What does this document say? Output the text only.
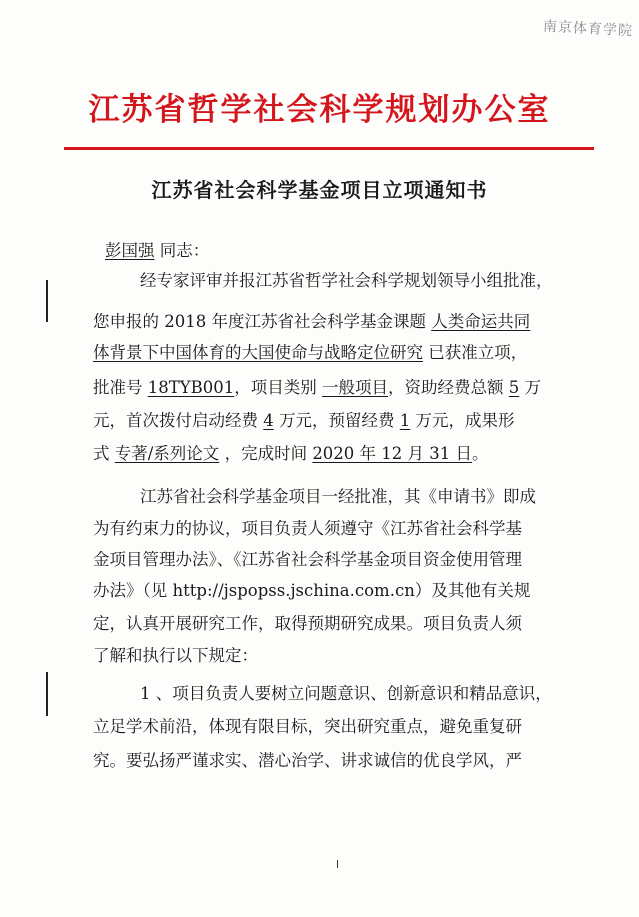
南京体育学院
江苏省哲学社会科学规划办公室
江苏省社会科学基金项目立项通知书
彭国强 同志：
经专家评审并报江苏省哲学社会科学规划领导小组批准，
您申报的 2018 年度江苏省社会科学基金课题 人类命运共同
体背景下中国体育的大国使命与战略定位研究 已获准立项，
批准号 18TYB001，项目类别 一般项目，资助经费总额 5 万
元，首次拨付启动经费 4 万元，预留经费 1 万元，成果形
式 专著/系列论文 ，完成时间 2020 年 12 月 31 日。
江苏省社会科学基金项目一经批准，其《申请书》即成
为有约束力的协议，项目负责人须遵守《江苏省社会科学基
金项目管理办法》、《江苏省社会科学基金项目资金使用管理
办法》（见 http://jspopss.jschina.com.cn）及其他有关规
定，认真开展研究工作，取得预期研究成果。项目负责人须
了解和执行以下规定：
1 、项目负责人要树立问题意识、创新意识和精品意识，
立足学术前沿，体现有限目标，突出研究重点，避免重复研
究。要弘扬严谨求实、潜心治学、讲求诚信的优良学风，严
